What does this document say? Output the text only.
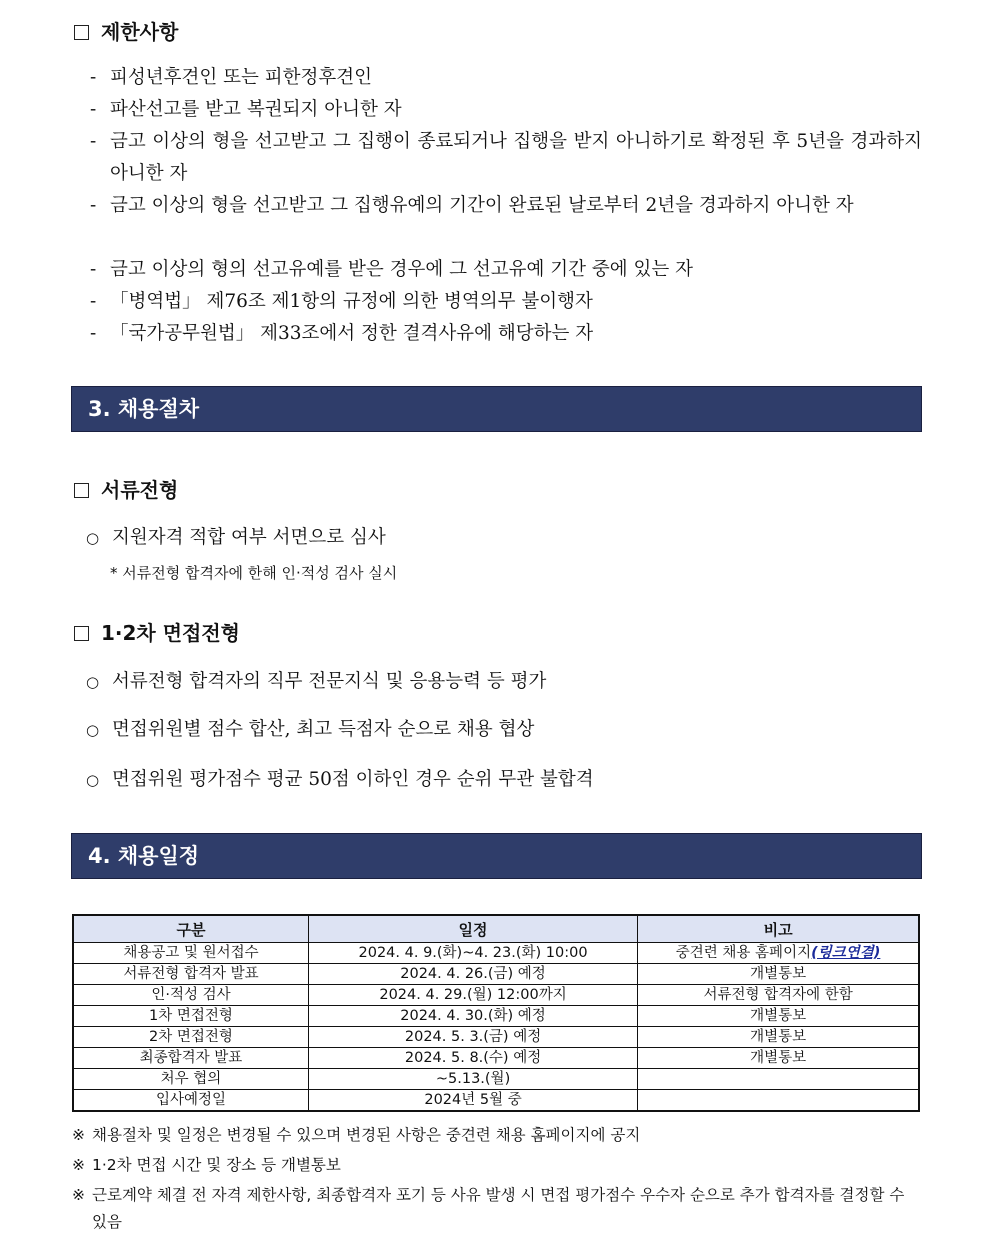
제한사항
- 피성년후견인 또는 피한정후견인
- 파산선고를 받고 복권되지 아니한 자
- 금고 이상의 형을 선고받고 그 집행이 종료되거나 집행을 받지 아니하기로 확정된 후 5년을 경과하지 아니한 자
- 금고 이상의 형을 선고받고 그 집행유예의 기간이 완료된 날로부터 2년을 경과하지 아니한 자
- 금고 이상의 형의 선고유예를 받은 경우에 그 선고유예 기간 중에 있는 자
- 「병역법」 제76조 제1항의 규정에 의한 병역의무 불이행자
- 「국가공무원법」 제33조에서 정한 결격사유에 해당하는 자
3. 채용절차
서류전형
○ 지원자격 적합 여부 서면으로 심사
* 서류전형 합격자에 한해 인·적성 검사 실시
1·2차 면접전형
○ 서류전형 합격자의 직무 전문지식 및 응용능력 등 평가
○ 면접위원별 점수 합산, 최고 득점자 순으로 채용 협상
○ 면접위원 평가점수 평균 50점 이하인 경우 순위 무관 불합격
4. 채용일정
구분	일정	비고
채용공고 및 원서접수	2024. 4. 9.(화)~4. 23.(화) 10:00	중견련 채용 홈페이지(링크연결)
서류전형 합격자 발표	2024. 4. 26.(금) 예정	개별통보
인·적성 검사	2024. 4. 29.(월) 12:00까지	서류전형 합격자에 한함
1차 면접전형	2024. 4. 30.(화) 예정	개별통보
2차 면접전형	2024. 5. 3.(금) 예정	개별통보
최종합격자 발표	2024. 5. 8.(수) 예정	개별통보
처우 협의	~5.13.(월)	
입사예정일	2024년 5월 중	
※ 채용절차 및 일정은 변경될 수 있으며 변경된 사항은 중견련 채용 홈페이지에 공지
※ 1·2차 면접 시간 및 장소 등 개별통보
※ 근로계약 체결 전 자격 제한사항, 최종합격자 포기 등 사유 발생 시 면접 평가점수 우수자 순으로 추가 합격자를 결정할 수 있음
